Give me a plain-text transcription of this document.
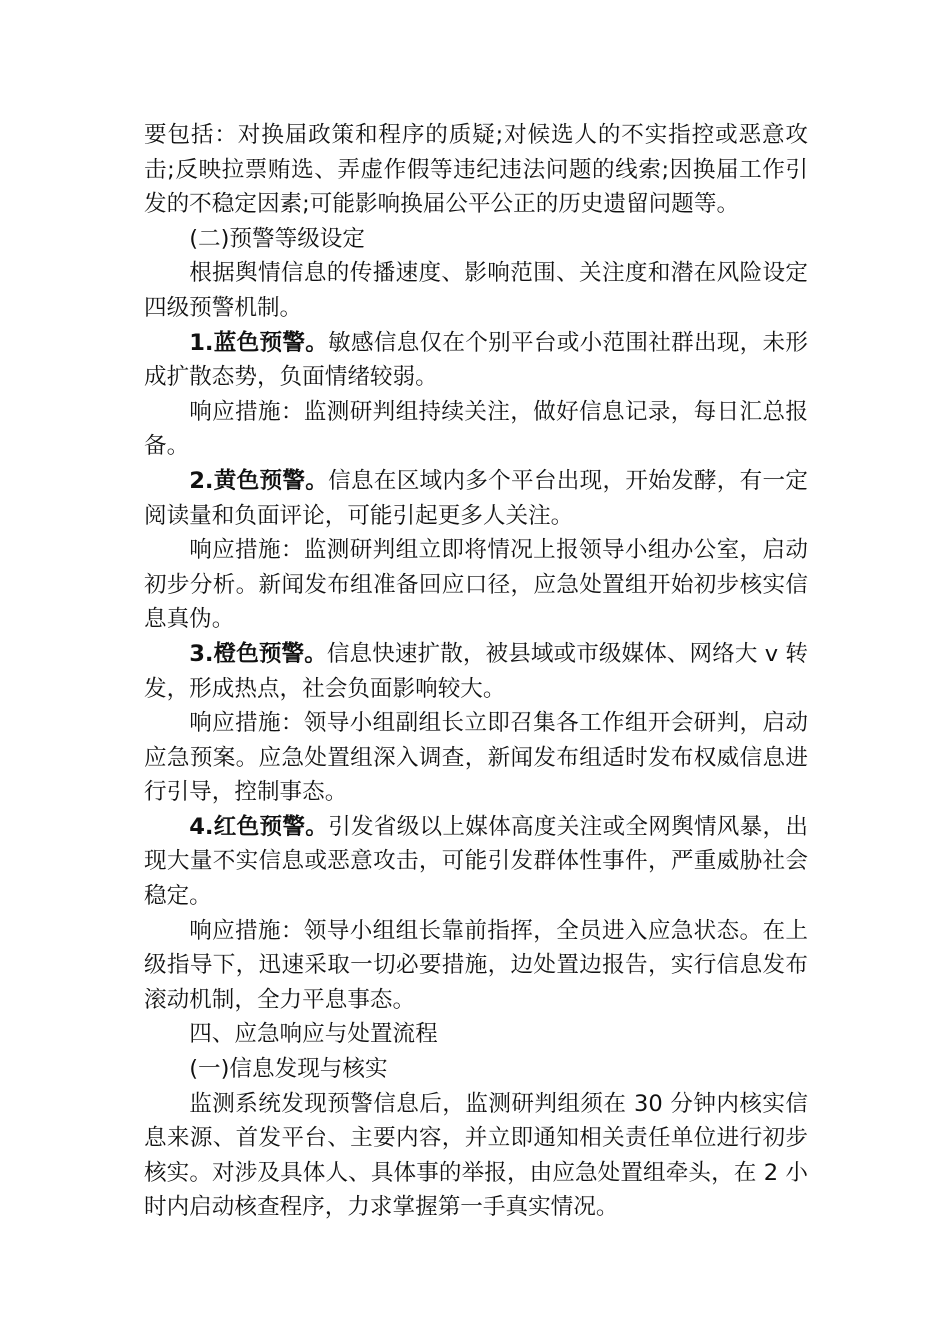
要包括：对换届政策和程序的质疑;对候选人的不实指控或恶意攻击;反映拉票贿选、弄虚作假等违纪违法问题的线索;因换届工作引发的不稳定因素;可能影响换届公平公正的历史遗留问题等。

(二)预警等级设定

根据舆情信息的传播速度、影响范围、关注度和潜在风险设定四级预警机制。

1.蓝色预警。敏感信息仅在个别平台或小范围社群出现，未形成扩散态势，负面情绪较弱。

响应措施：监测研判组持续关注，做好信息记录，每日汇总报备。

2.黄色预警。信息在区域内多个平台出现，开始发酵，有一定阅读量和负面评论，可能引起更多人关注。

响应措施：监测研判组立即将情况上报领导小组办公室，启动初步分析。新闻发布组准备回应口径，应急处置组开始初步核实信息真伪。

3.橙色预警。信息快速扩散，被县域或市级媒体、网络大 v 转发，形成热点，社会负面影响较大。

响应措施：领导小组副组长立即召集各工作组开会研判，启动应急预案。应急处置组深入调查，新闻发布组适时发布权威信息进行引导，控制事态。

4.红色预警。引发省级以上媒体高度关注或全网舆情风暴，出现大量不实信息或恶意攻击，可能引发群体性事件，严重威胁社会稳定。

响应措施：领导小组组长靠前指挥，全员进入应急状态。在上级指导下，迅速采取一切必要措施，边处置边报告，实行信息发布滚动机制，全力平息事态。

四、应急响应与处置流程

(一)信息发现与核实

监测系统发现预警信息后，监测研判组须在 30 分钟内核实信息来源、首发平台、主要内容，并立即通知相关责任单位进行初步核实。对涉及具体人、具体事的举报，由应急处置组牵头，在 2 小时内启动核查程序，力求掌握第一手真实情况。
